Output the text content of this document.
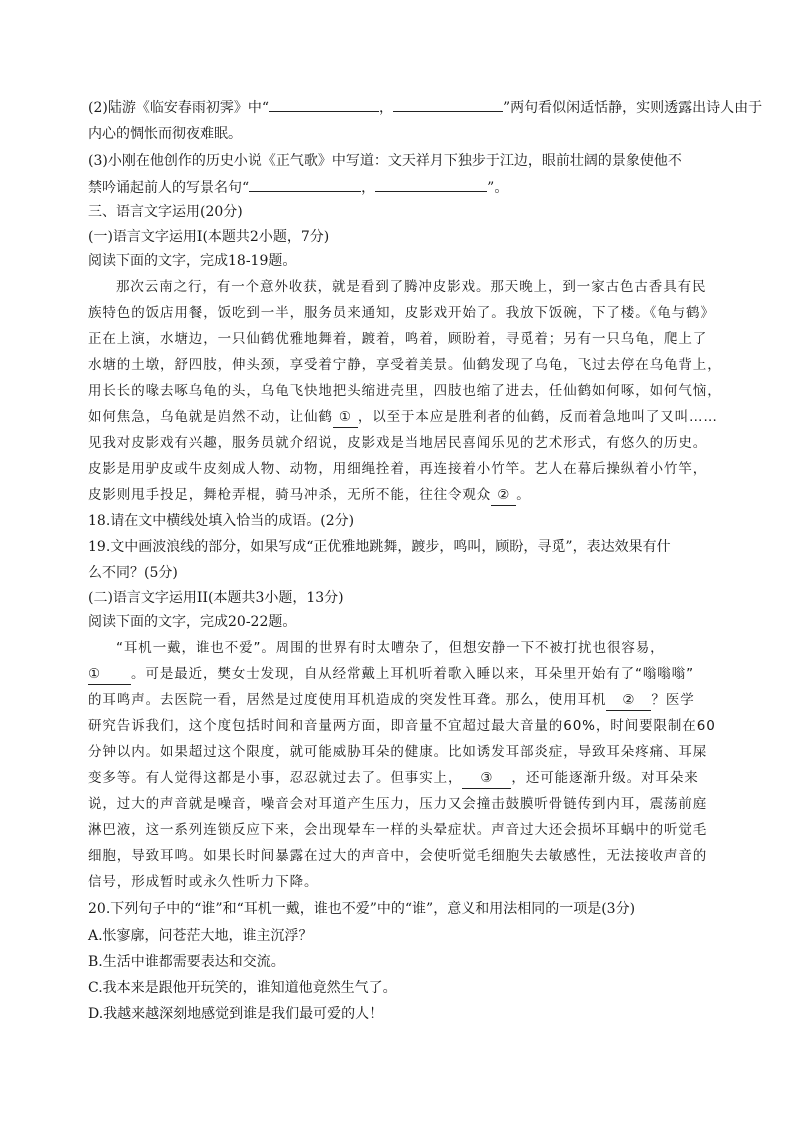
(2)陆游《临安春雨初霁》中“	，	”两句看似闲适恬静，实则透露出诗人由于
内心的惆怅而彻夜难眠。
(3)小刚在他创作的历史小说《正气歌》中写道：文天祥月下独步于江边，眼前壮阔的景象使他不
禁吟诵起前人的写景名句“	，	”。
三、语言文字运用(20分)
(一)语言文字运用Ⅰ(本题共2小题，7分)
阅读下面的文字，完成18-19题。
那次云南之行，有一个意外收获，就是看到了腾冲皮影戏。那天晚上，到一家古色古香具有民
族特色的饭店用餐，饭吃到一半，服务员来通知，皮影戏开始了。我放下饭碗，下了楼。《龟与鹤》
正在上演，水塘边，一只仙鹤优雅地舞着，踱着，鸣着，顾盼着，寻觅着；另有一只乌龟，爬上了
水塘的土墩，舒四肢，伸头颈，享受着宁静，享受着美景。仙鹤发现了乌龟，飞过去停在乌龟背上，
用长长的喙去啄乌龟的头，乌龟飞快地把头缩进壳里，四肢也缩了进去，任仙鹤如何啄，如何气恼，
如何焦急，乌龟就是岿然不动，让仙鹤 ① ，以至于本应是胜利者的仙鹤，反而着急地叫了又叫……
见我对皮影戏有兴趣，服务员就介绍说，皮影戏是当地居民喜闻乐见的艺术形式，有悠久的历史。
皮影是用驴皮或牛皮刻成人物、动物，用细绳拴着，再连接着小竹竿。艺人在幕后操纵着小竹竿，
皮影则甩手投足，舞枪弄棍，骑马冲杀，无所不能，往往令观众 ② 。
18.请在文中横线处填入恰当的成语。(2分)
19.文中画波浪线的部分，如果写成“正优雅地跳舞，踱步，鸣叫，顾盼，寻觅”，表达效果有什
么不同？(5分)
(二)语言文字运用II(本题共3小题，13分)
阅读下面的文字，完成20-22题。
“耳机一戴，谁也不爱”。周围的世界有时太嘈杂了，但想安静一下不被打扰也很容易，
① 。可是最近，樊女士发现，自从经常戴上耳机听着歌入睡以来，耳朵里开始有了“嗡嗡嗡”
的耳鸣声。去医院一看，居然是过度使用耳机造成的突发性耳聋。那么，使用耳机 ② ？医学
研究告诉我们，这个度包括时间和音量两方面，即音量不宜超过最大音量的60%，时间要限制在60
分钟以内。如果超过这个限度，就可能威胁耳朵的健康。比如诱发耳部炎症，导致耳朵疼痛、耳屎
变多等。有人觉得这都是小事，忍忍就过去了。但事实上， ③ ，还可能逐渐升级。对耳朵来
说，过大的声音就是噪音，噪音会对耳道产生压力，压力又会撞击鼓膜听骨链传到内耳，震荡前庭
淋巴液，这一系列连锁反应下来，会出现晕车一样的头晕症状。声音过大还会损坏耳蜗中的听觉毛
细胞，导致耳鸣。如果长时间暴露在过大的声音中，会使听觉毛细胞失去敏感性，无法接收声音的
信号，形成暂时或永久性听力下降。
20.下列句子中的“谁”和“耳机一戴，谁也不爱”中的“谁”，意义和用法相同的一项是(3分)
A.怅寥廓，问苍茫大地，谁主沉浮？
B.生活中谁都需要表达和交流。
C.我本来是跟他开玩笑的，谁知道他竟然生气了。
D.我越来越深刻地感觉到谁是我们最可爱的人！
